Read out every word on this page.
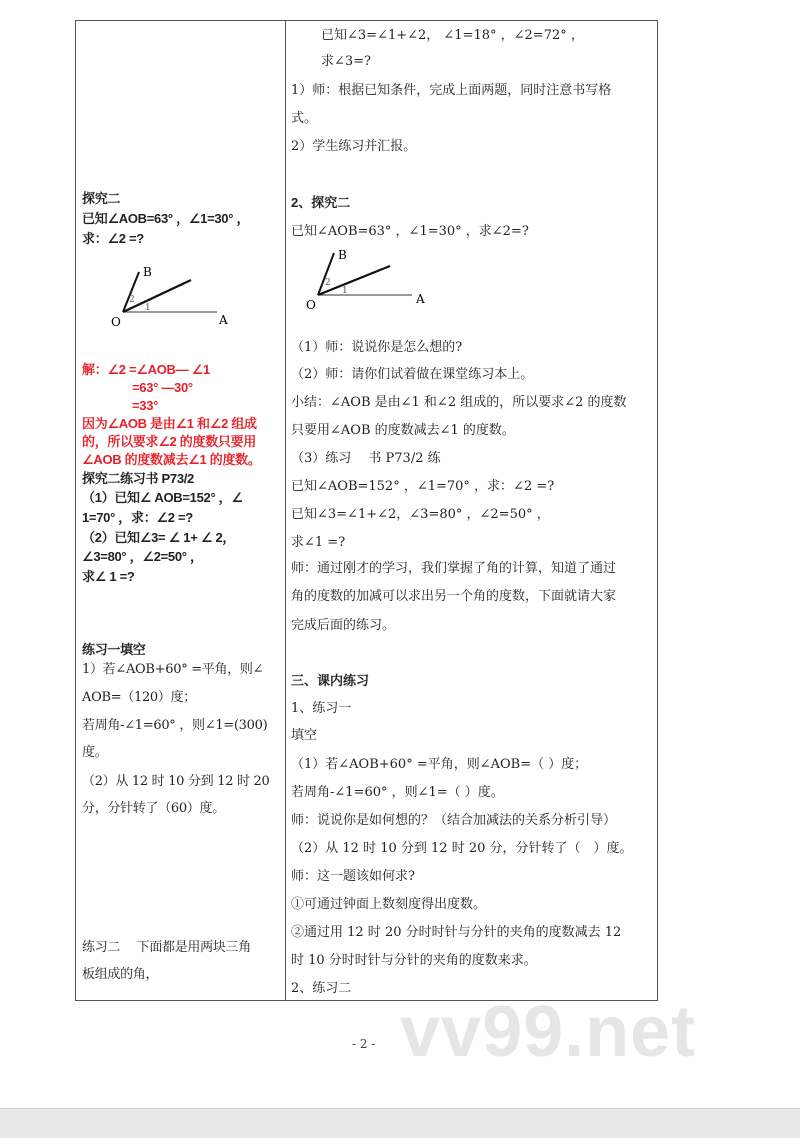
探究二
已知∠AOB=63° ，∠1=30° ，
求：∠2 =?
B
O	A
1
2
解：∠2 =∠AOB— ∠1
=63° —30°
=33°
因为∠AOB 是由∠1 和∠2 组成
的，所以要求∠2 的度数只要用
∠AOB 的度数减去∠1 的度数。
探究二练习书 P73/2
（1）已知∠ AOB=152° ，∠
1=70° ，求：∠2 =?
（2）已知∠3= ∠ 1+ ∠ 2，
∠3=80° ，∠2=50° ，
求∠ 1 =?
练习一填空
1）若∠AOB+60° =平角，则∠
AOB=（120）度；
若周角-∠1=60° ，则∠1=(300)
度。
（2）从 12 时 10 分到 12 时 20
分，分针转了（60）度。
练习二　 下面都是用两块三角
板组成的角，
已知∠3=∠1+∠2， ∠1=18° ，∠2=72° ，
求∠3=?
1）师：根据已知条件，完成上面两题，同时注意书写格
式。
2）学生练习并汇报。
2、探究二
已知∠AOB=63° ，∠1=30° ，求∠2=?
B
O	A
1
2
（1）师：说说你是怎么想的?
（2）师：请你们试着做在课堂练习本上。
小结：∠AOB 是由∠1 和∠2 组成的，所以要求∠2 的度数
只要用∠AOB 的度数减去∠1 的度数。
（3）练习　 书 P73/2 练
已知∠AOB=152° ，∠1=70° ，求：∠2 =?
已知∠3=∠1+∠2，∠3=80° ，∠2=50° ，
求∠1 =?
师：通过刚才的学习，我们掌握了角的计算，知道了通过
角的度数的加减可以求出另一个角的度数，下面就请大家
完成后面的练习。
三、课内练习
1、练习一
填空
（1）若∠AOB+60° =平角，则∠AOB=（ ）度；
若周角-∠1=60° ，则∠1=（ ）度。
师：说说你是如何想的？（结合加减法的关系分析引导）
（2）从 12 时 10 分到 12 时 20 分，分针转了（　）度。
师：这一题该如何求?
①可通过钟面上数刻度得出度数。
②通过用 12 时 20 分时时针与分针的夹角的度数减去 12
时 10 分时时针与分针的夹角的度数来求。
2、练习二
vv99.net
- 2 -
